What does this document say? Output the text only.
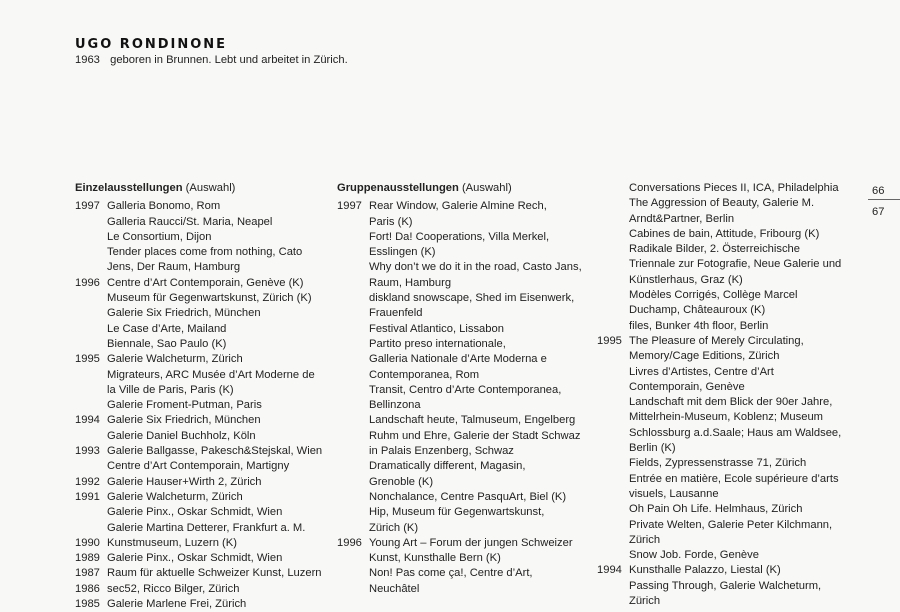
UGO RONDINONE
1963 geboren in Brunnen. Lebt und arbeitet in Zürich.
Einzelausstellungen (Auswahl)
1997 Galleria Bonomo, Rom
Galleria Raucci/St. Maria, Neapel
Le Consortium, Dijon
Tender places come from nothing, Cato
Jens, Der Raum, Hamburg
1996 Centre d’Art Contemporain, Genève (K)
Museum für Gegenwartskunst, Zürich (K)
Galerie Six Friedrich, München
Le Case d’Arte, Mailand
Biennale, Sao Paulo (K)
1995 Galerie Walcheturm, Zürich
Migrateurs, ARC Musée d’Art Moderne de
la Ville de Paris, Paris (K)
Galerie Froment-Putman, Paris
1994 Galerie Six Friedrich, München
Galerie Daniel Buchholz, Köln
1993 Galerie Ballgasse, Pakesch&Stejskal, Wien
Centre d’Art Contemporain, Martigny
1992 Galerie Hauser+Wirth 2, Zürich
1991 Galerie Walcheturm, Zürich
Galerie Pinx., Oskar Schmidt, Wien
Galerie Martina Detterer, Frankfurt a. M.
1990 Kunstmuseum, Luzern (K)
1989 Galerie Pinx., Oskar Schmidt, Wien
1987 Raum für aktuelle Schweizer Kunst, Luzern
1986 sec52, Ricco Bilger, Zürich
1985 Galerie Marlene Frei, Zürich
Gruppenausstellungen (Auswahl)
1997 Rear Window, Galerie Almine Rech,
Paris (K)
Fort! Da! Cooperations, Villa Merkel,
Esslingen (K)
Why don’t we do it in the road, Casto Jans,
Raum, Hamburg
diskland snowscape, Shed im Eisenwerk,
Frauenfeld
Festival Atlantico, Lissabon
Partito preso internationale,
Galleria Nationale d’Arte Moderna e
Contemporanea, Rom
Transit, Centro d’Arte Contemporanea,
Bellinzona
Landschaft heute, Talmuseum, Engelberg
Ruhm und Ehre, Galerie der Stadt Schwaz
in Palais Enzenberg, Schwaz
Dramatically different, Magasin,
Grenoble (K)
Nonchalance, Centre PasquArt, Biel (K)
Hip, Museum für Gegenwartskunst,
Zürich (K)
1996 Young Art – Forum der jungen Schweizer
Kunst, Kunsthalle Bern (K)
Non! Pas come ça!, Centre d’Art,
Neuchâtel
Conversations Pieces II, ICA, Philadelphia
The Aggression of Beauty, Galerie M.
Arndt&Partner, Berlin
Cabines de bain, Attitude, Fribourg (K)
Radikale Bilder, 2. Österreichische
Triennale zur Fotografie, Neue Galerie und
Künstlerhaus, Graz (K)
Modèles Corrigés, Collège Marcel
Duchamp, Châteauroux (K)
files, Bunker 4th floor, Berlin
1995 The Pleasure of Merely Circulating,
Memory/Cage Editions, Zürich
Livres d’Artistes, Centre d’Art
Contemporain, Genève
Landschaft mit dem Blick der 90er Jahre,
Mittelrhein-Museum, Koblenz; Museum
Schlossburg a.d.Saale; Haus am Waldsee,
Berlin (K)
Fields, Zypressenstrasse 71, Zürich
Entrée en matière, Ecole supérieure d’arts
visuels, Lausanne
Oh Pain Oh Life. Helmhaus, Zürich
Private Welten, Galerie Peter Kilchmann,
Zürich
Snow Job. Forde, Genève
1994 Kunsthalle Palazzo, Liestal (K)
Passing Through, Galerie Walcheturm,
Zürich
66
67
